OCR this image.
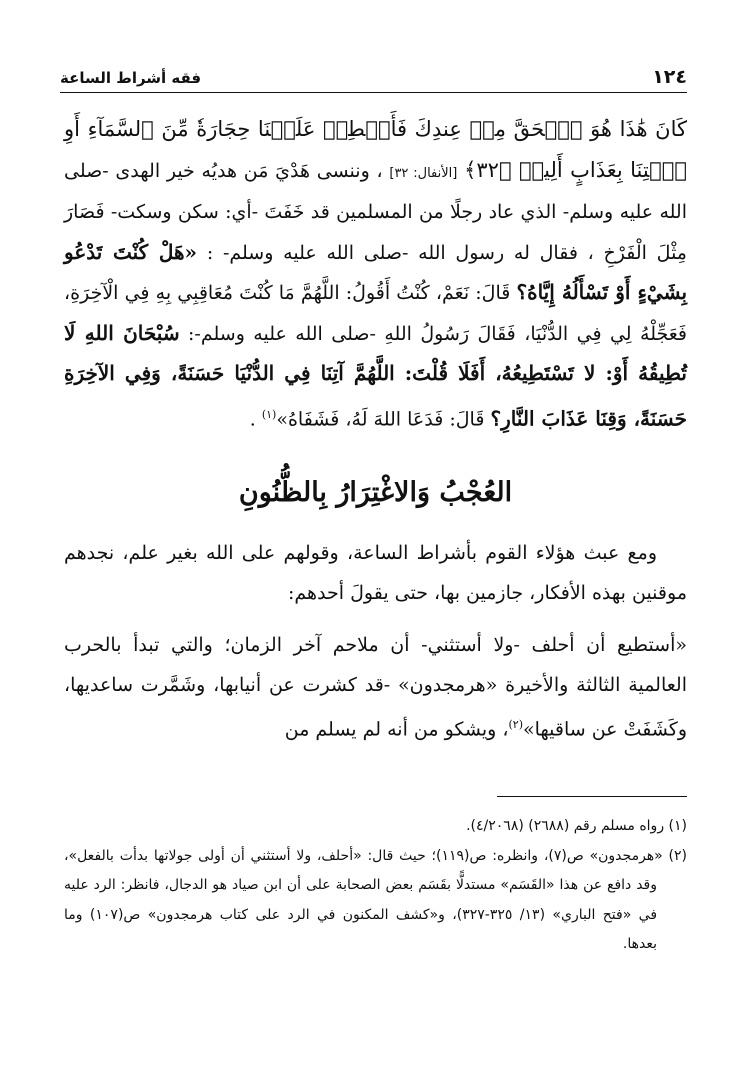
١٢٤
فقه أشراط الساعة

كَانَ هَٰذَا هُوَ ٱلۡحَقَّ مِنۡ عِندِكَ فَأَمۡطِرۡ عَلَيۡنَا حِجَارَةٗ مِّنَ ٱلسَّمَآءِ أَوِ ٱئۡتِنَا بِعَذَابٍ أَلِيمٖ ﴿٣٢﴾ [الأنفال: ٣٢] ، وننسى هَدْيَ مَن هديُه خير الهدى -صلى الله عليه وسلم- الذي عاد رجلًا من المسلمين قد خَفَتَ -أي: سكن وسكت- فَصَارَ مِثْلَ الْفَرْخِ ، فقال له رسول الله -صلى الله عليه وسلم- : «هَلْ كُنْتَ تَدْعُو بِشَيْءٍ أَوْ تَسْأَلُهُ إِيَّاهُ؟ قَالَ: نَعَمْ، كُنْتُ أَقُولُ: اللَّهُمَّ مَا كُنْتَ مُعَاقِبِي بِهِ فِي الْآخِرَةِ، فَعَجِّلْهُ لِي فِي الدُّنْيَا، فَقَالَ رَسُولُ اللهِ -صلى الله عليه وسلم-: سُبْحَانَ اللهِ لَا تُطِيقُهُ أَوْ: لا تَسْتَطِيعُهُ، أَفَلَا قُلْتَ: اللَّهُمَّ آتِنَا فِي الدُّنْيَا حَسَنَةً، وَفِي الآخِرَةِ حَسَنَةً، وَقِنَا عَذَابَ النَّارِ؟ قَالَ: فَدَعَا اللهَ لَهُ، فَشَفَاهُ»$^{(١)}$ .

العُجْبُ وَالاغْتِرَارُ بِالظُّنُونِ

ومع عبث هؤلاء القوم بأشراط الساعة، وقولهم على الله بغير علم، نجدهم موقنين بهذه الأفكار، جازمين بها، حتى يقولَ أحدهم:

«أستطيع أن أحلف -ولا أستثني- أن ملاحم آخر الزمان؛ والتي تبدأ بالحرب العالمية الثالثة والأخيرة «هرمجدون» -قد كشرت عن أنيابها، وشَمَّرت ساعديها، وكَشَفَتْ عن ساقيها»$^{(٢)}$، ويشكو من أنه لم يسلم من

(١) رواه مسلم رقم (٢٦٨٨) (٤/٢٠٦٨).

(٢) «هرمجدون» ص(٧)، وانظره: ص(١١٩)؛ حيث قال: «أحلف، ولا أستثني أن أولى جولاتها بدأت بالفعل»، وقد دافع عن هذا «القَسَم» مستدلًّا بقَسَم بعض الصحابة على أن ابن صياد هو الدجال، فانظر: الرد عليه في «فتح الباري» (١٣/ ٣٢٥-٣٢٧)، و«كشف المكنون في الرد على كتاب هرمجدون» ص(١٠٧) وما بعدها.
